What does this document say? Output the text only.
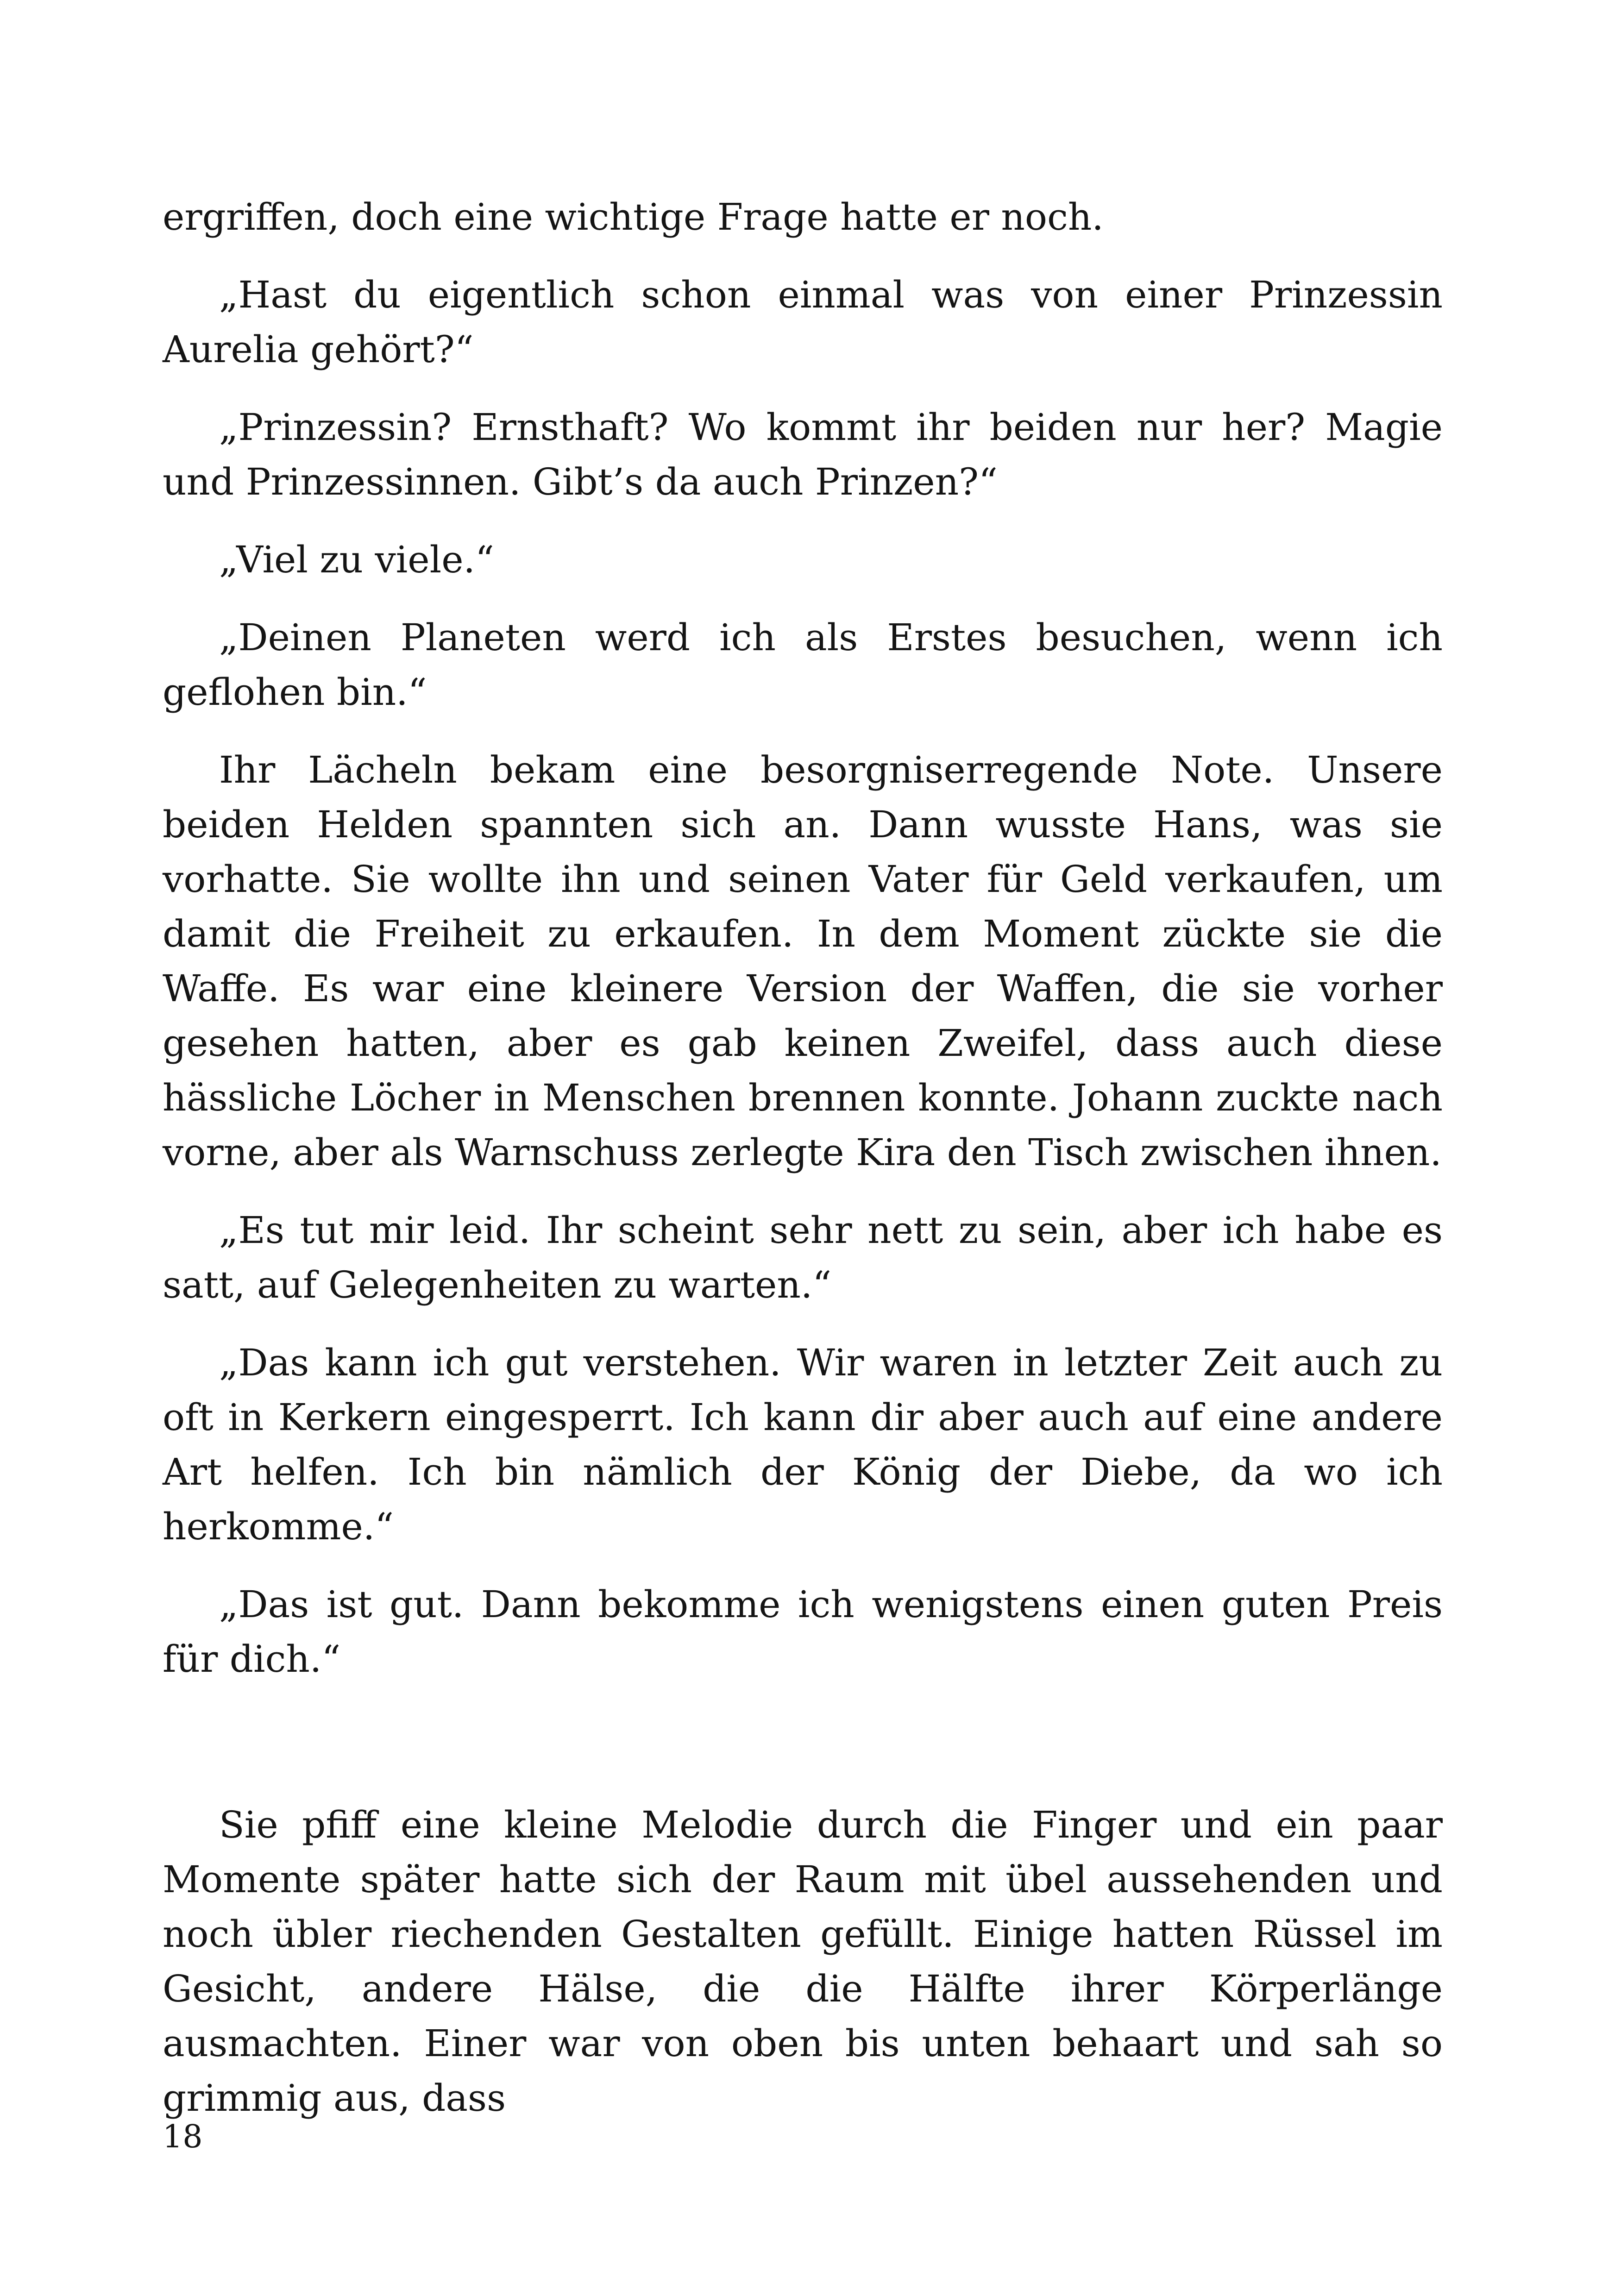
ergriffen, doch eine wichtige Frage hatte er noch.

„Hast du eigentlich schon einmal was von einer Prinzessin Aurelia gehört?“

„Prinzessin? Ernsthaft? Wo kommt ihr beiden nur her? Magie und Prinzessinnen. Gibt’s da auch Prinzen?“

„Viel zu viele.“

„Deinen Planeten werd ich als Erstes besuchen, wenn ich geflohen bin.“

Ihr Lächeln bekam eine besorgniserregende Note. Unsere beiden Helden spannten sich an. Dann wusste Hans, was sie vorhatte. Sie wollte ihn und seinen Vater für Geld verkaufen, um damit die Freiheit zu erkaufen. In dem Moment zückte sie die Waffe. Es war eine kleinere Version der Waffen, die sie vorher gesehen hatten, aber es gab keinen Zweifel, dass auch diese hässliche Löcher in Menschen brennen konnte. Johann zuckte nach vorne, aber als Warnschuss zerlegte Kira den Tisch zwischen ihnen.

„Es tut mir leid. Ihr scheint sehr nett zu sein, aber ich habe es satt, auf Gelegenheiten zu warten.“

„Das kann ich gut verstehen. Wir waren in letzter Zeit auch zu oft in Kerkern eingesperrt. Ich kann dir aber auch auf eine andere Art helfen. Ich bin nämlich der König der Diebe, da wo ich herkomme.“

„Das ist gut. Dann bekomme ich wenigstens einen guten Preis für dich.“

Sie pfiff eine kleine Melodie durch die Finger und ein paar Momente später hatte sich der Raum mit übel aussehenden und noch übler riechenden Gestalten gefüllt. Einige hatten Rüssel im Gesicht, andere Hälse, die die Hälfte ihrer Körperlänge ausmachten. Einer war von oben bis unten behaart und sah so grimmig aus, dass

18
